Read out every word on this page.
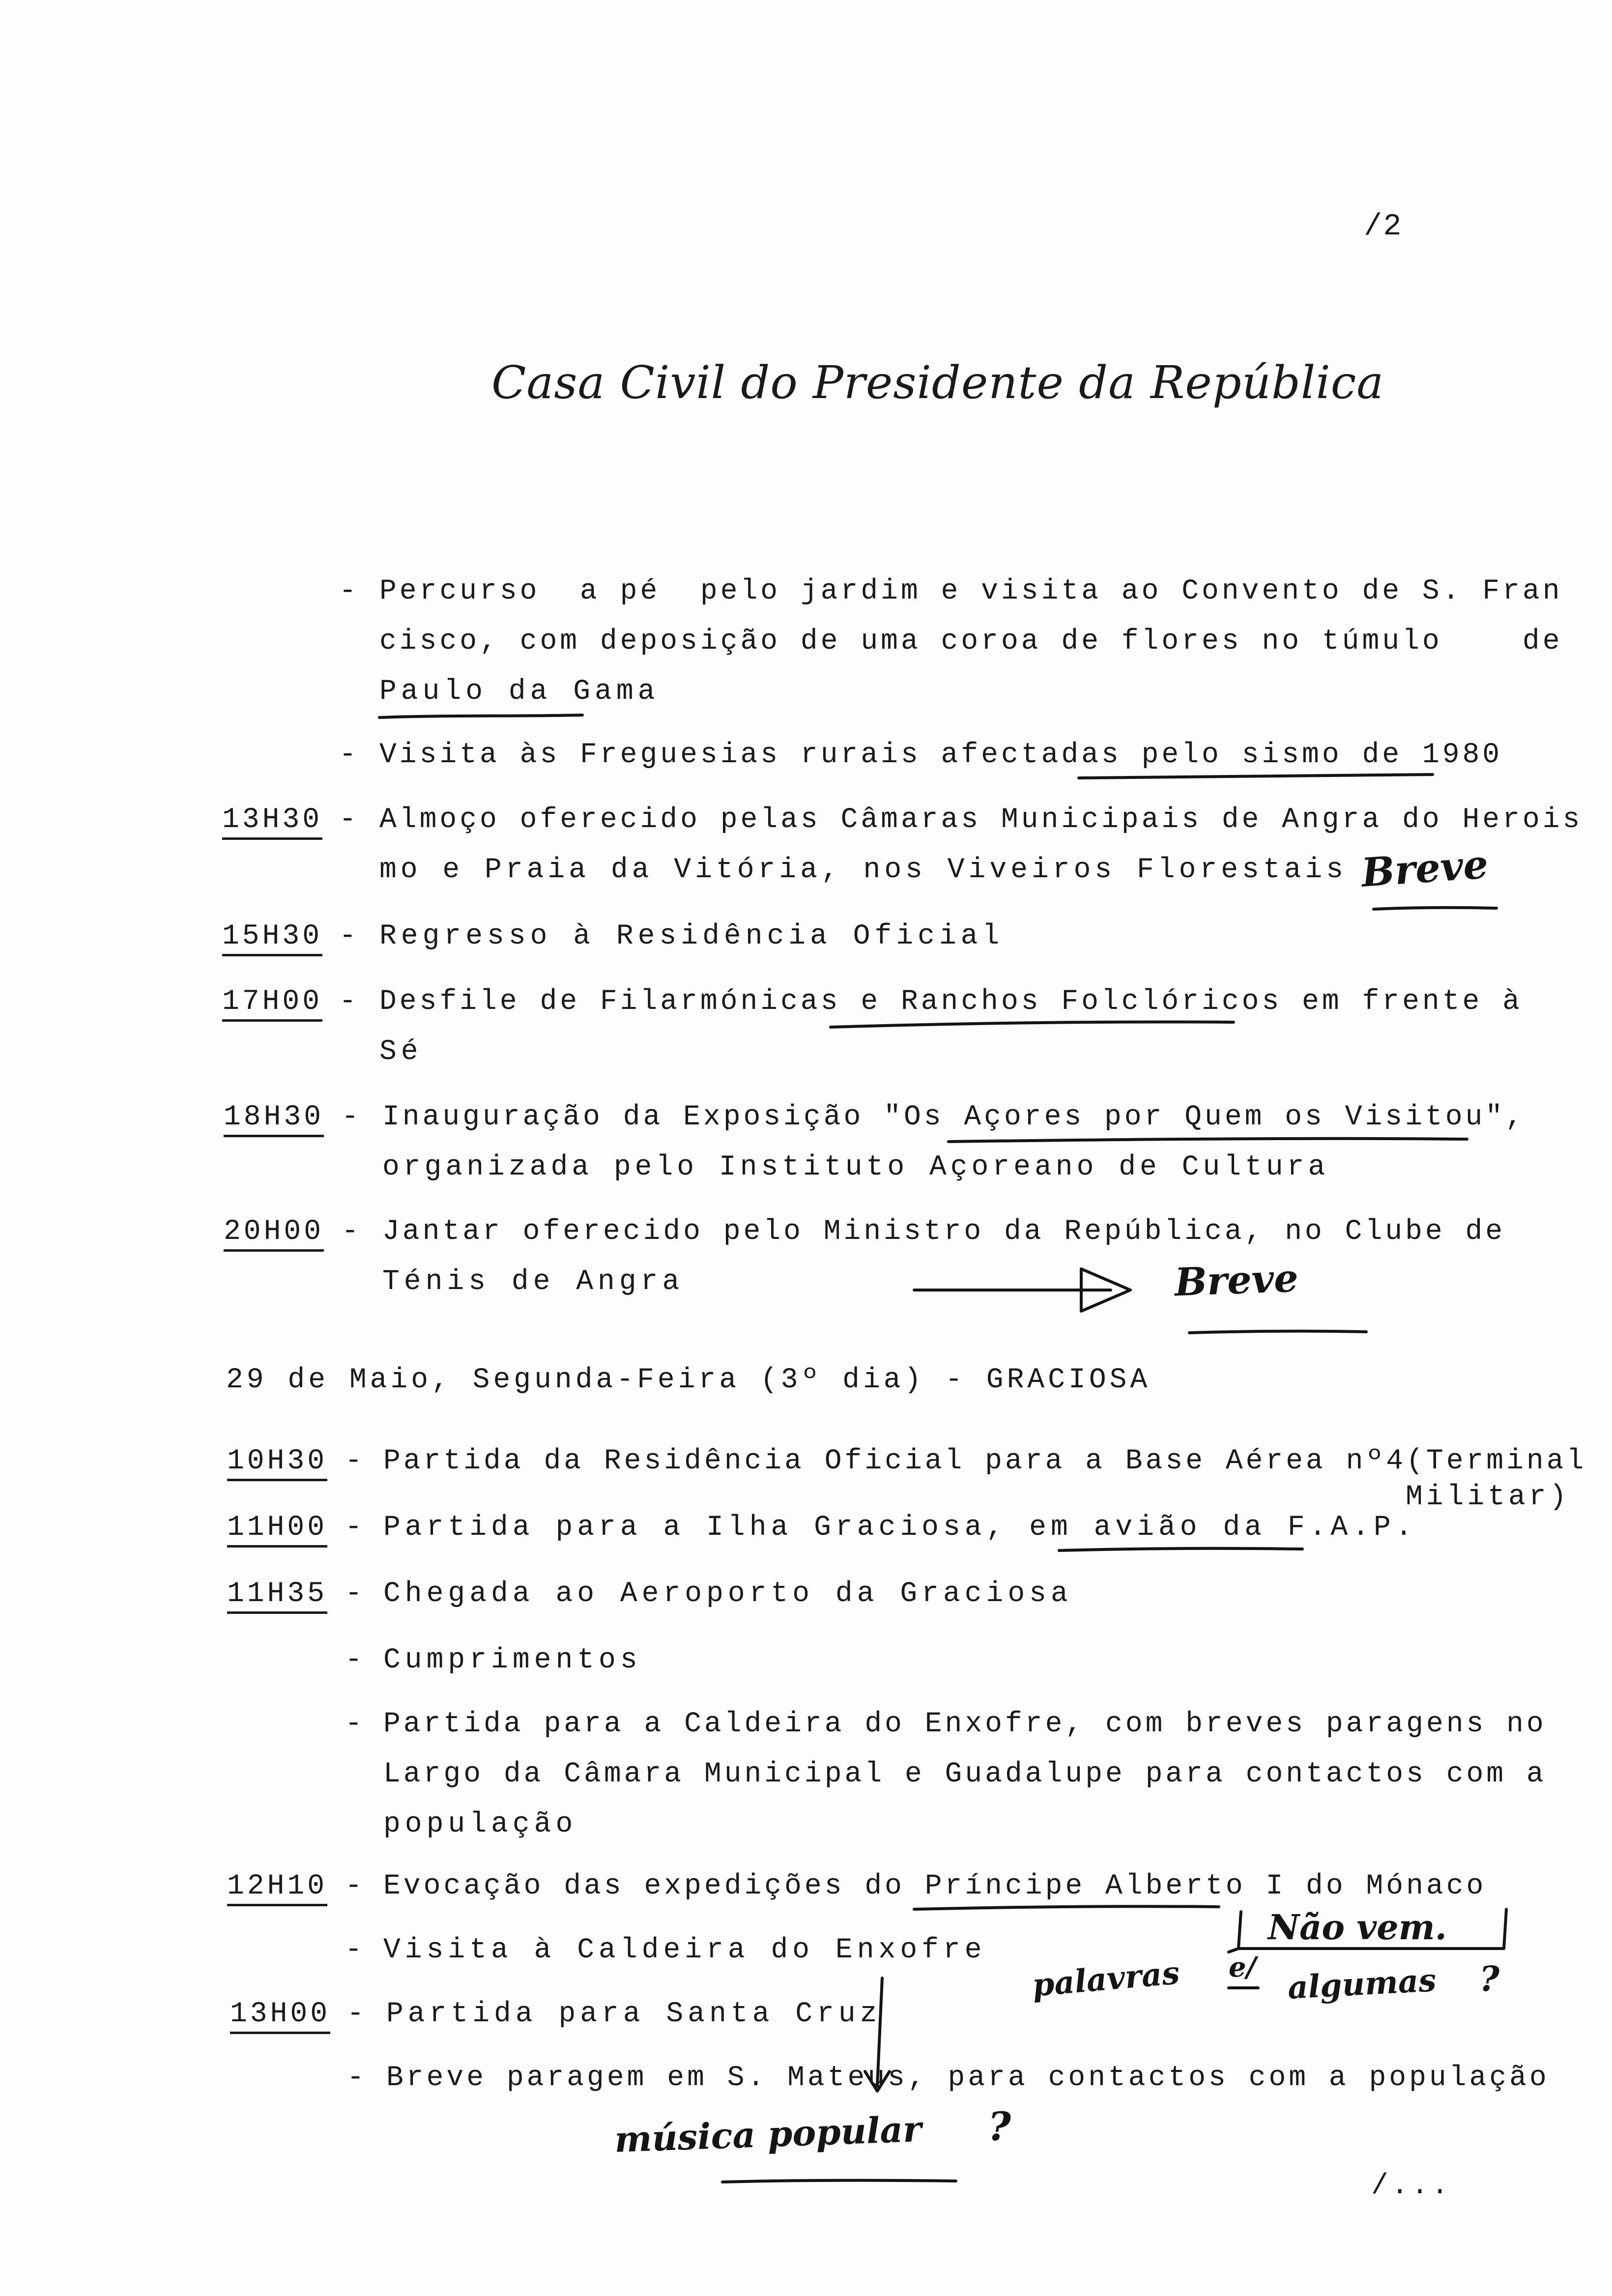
/2
Casa Civil do Presidente da República
- Percurso  a pé  pelo jardim e visita ao Convento de S. Fran
cisco, com deposição de uma coroa de flores no túmulo    de
Paulo da Gama
- Visita às Freguesias rurais afectadas pelo sismo de 1980
13H30 - Almoço oferecido pelas Câmaras Municipais de Angra do Herois
mo e Praia da Vitória, nos Viveiros Florestais
15H30 - Regresso à Residência Oficial
17H00 - Desfile de Filarmónicas e Ranchos Folclóricos em frente à
Sé
18H30 - Inauguração da Exposição "Os Açores por Quem os Visitou",
organizada pelo Instituto Açoreano de Cultura
20H00 - Jantar oferecido pelo Ministro da República, no Clube de
Ténis de Angra
29 de Maio, Segunda-Feira (3º dia) - GRACIOSA
10H30 - Partida da Residência Oficial para a Base Aérea nº4(Terminal
Militar)
11H00 - Partida para a Ilha Graciosa, em avião da F.A.P.
11H35 - Chegada ao Aeroporto da Graciosa
- Cumprimentos
- Partida para a Caldeira do Enxofre, com breves paragens no
Largo da Câmara Municipal e Guadalupe para contactos com a
população
12H10 - Evocação das expedições do Príncipe Alberto I do Mónaco
- Visita à Caldeira do Enxofre
13H00 - Partida para Santa Cruz
- Breve paragem em S. Mateus, para contactos com a população
/...
Breve
Breve
Não vem.
palavras e/ algumas ?
música popular ?
